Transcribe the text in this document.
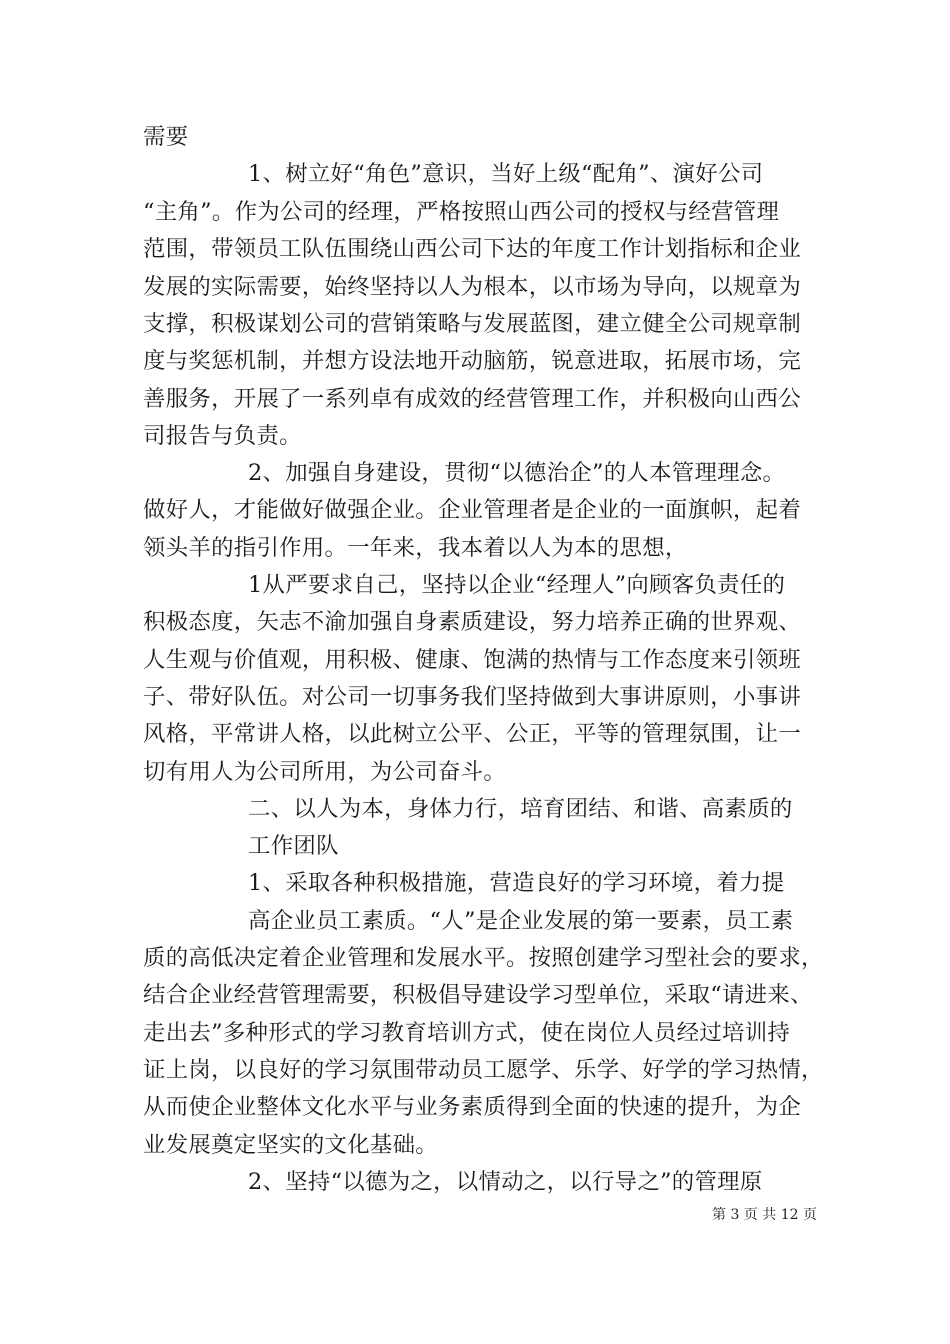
需要
1、树立好“角色”意识，当好上级“配角”、演好公司
“主角”。作为公司的经理，严格按照山西公司的授权与经营管理
范围，带领员工队伍围绕山西公司下达的年度工作计划指标和企业
发展的实际需要，始终坚持以人为根本，以市场为导向，以规章为
支撑，积极谋划公司的营销策略与发展蓝图，建立健全公司规章制
度与奖惩机制，并想方设法地开动脑筋，锐意进取，拓展市场，完
善服务，开展了一系列卓有成效的经营管理工作，并积极向山西公
司报告与负责。
2、加强自身建设，贯彻“以德治企”的人本管理理念。
做好人，才能做好做强企业。企业管理者是企业的一面旗帜，起着
领头羊的指引作用。一年来，我本着以人为本的思想，
1从严要求自己，坚持以企业“经理人”向顾客负责任的
积极态度，矢志不渝加强自身素质建设，努力培养正确的世界观、
人生观与价值观，用积极、健康、饱满的热情与工作态度来引领班
子、带好队伍。对公司一切事务我们坚持做到大事讲原则，小事讲
风格，平常讲人格，以此树立公平、公正，平等的管理氛围，让一
切有用人为公司所用，为公司奋斗。
二、以人为本，身体力行，培育团结、和谐、高素质的
工作团队
1、采取各种积极措施，营造良好的学习环境，着力提
高企业员工素质。“人”是企业发展的第一要素，员工素
质的高低决定着企业管理和发展水平。按照创建学习型社会的要求，
结合企业经营管理需要，积极倡导建设学习型单位，采取“请进来、
走出去”多种形式的学习教育培训方式，使在岗位人员经过培训持
证上岗，以良好的学习氛围带动员工愿学、乐学、好学的学习热情，
从而使企业整体文化水平与业务素质得到全面的快速的提升，为企
业发展奠定坚实的文化基础。
2、坚持“以德为之，以情动之，以行导之”的管理原
第 3 页 共 12 页
